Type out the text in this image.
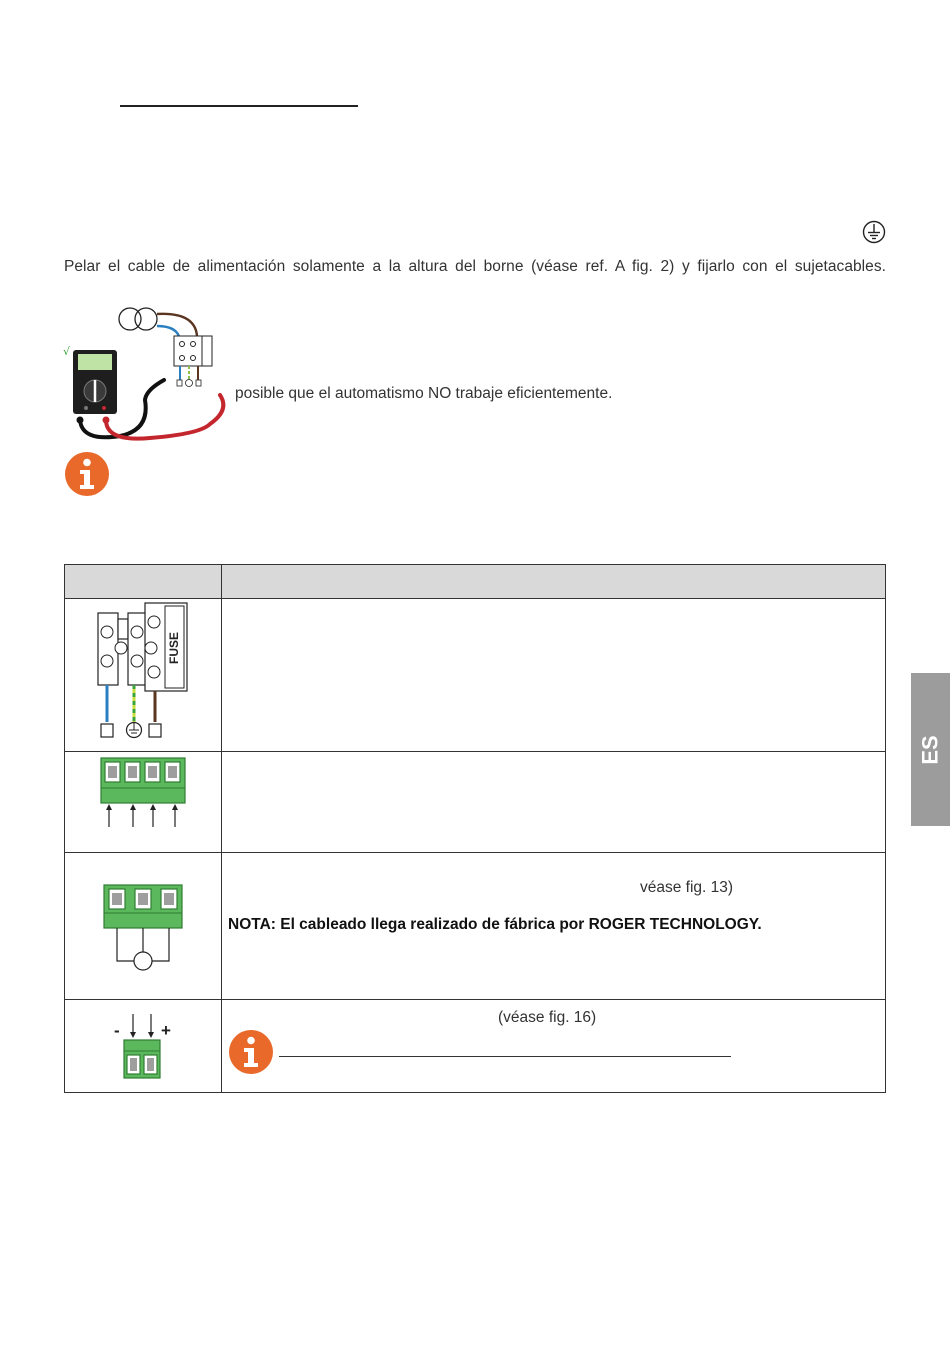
Pelar el cable de alimentación solamente a la altura del borne (véase ref. A fig. 2) y fijarlo con el sujetacables.

√
posible que el automatismo NO trabaje eficientemente.

FUSE	

véase fig. 13)
NOTA: El cableado llega realizado de fábrica por ROGER TECHNOLOGY.

- +	(véase fig. 16)
ES
